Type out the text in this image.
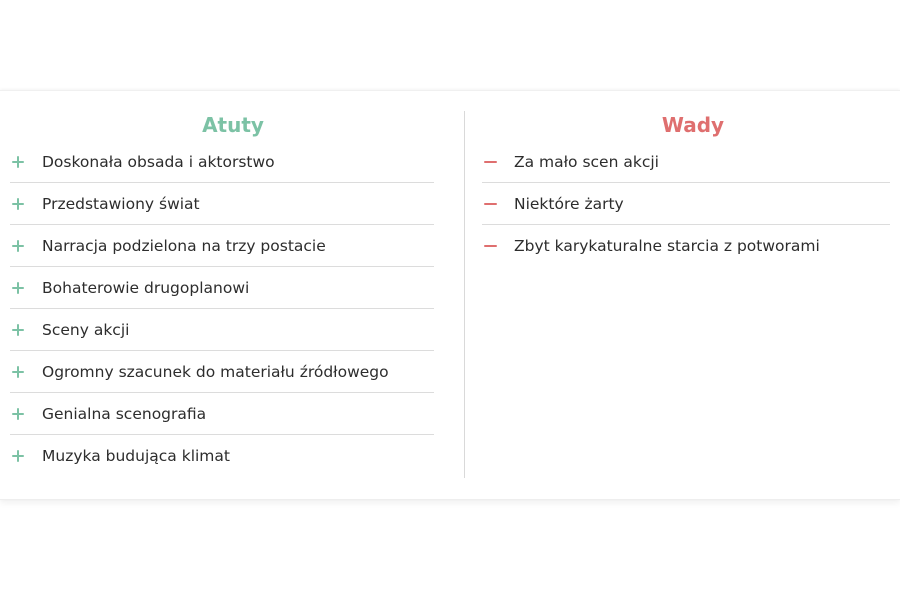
Atuty
Doskonała obsada i aktorstwo
Przedstawiony świat
Narracja podzielona na trzy postacie
Bohaterowie drugoplanowi
Sceny akcji
Ogromny szacunek do materiału źródłowego
Genialna scenografia
Muzyka budująca klimat
Wady
Za mało scen akcji
Niektóre żarty
Zbyt karykaturalne starcia z potworami
